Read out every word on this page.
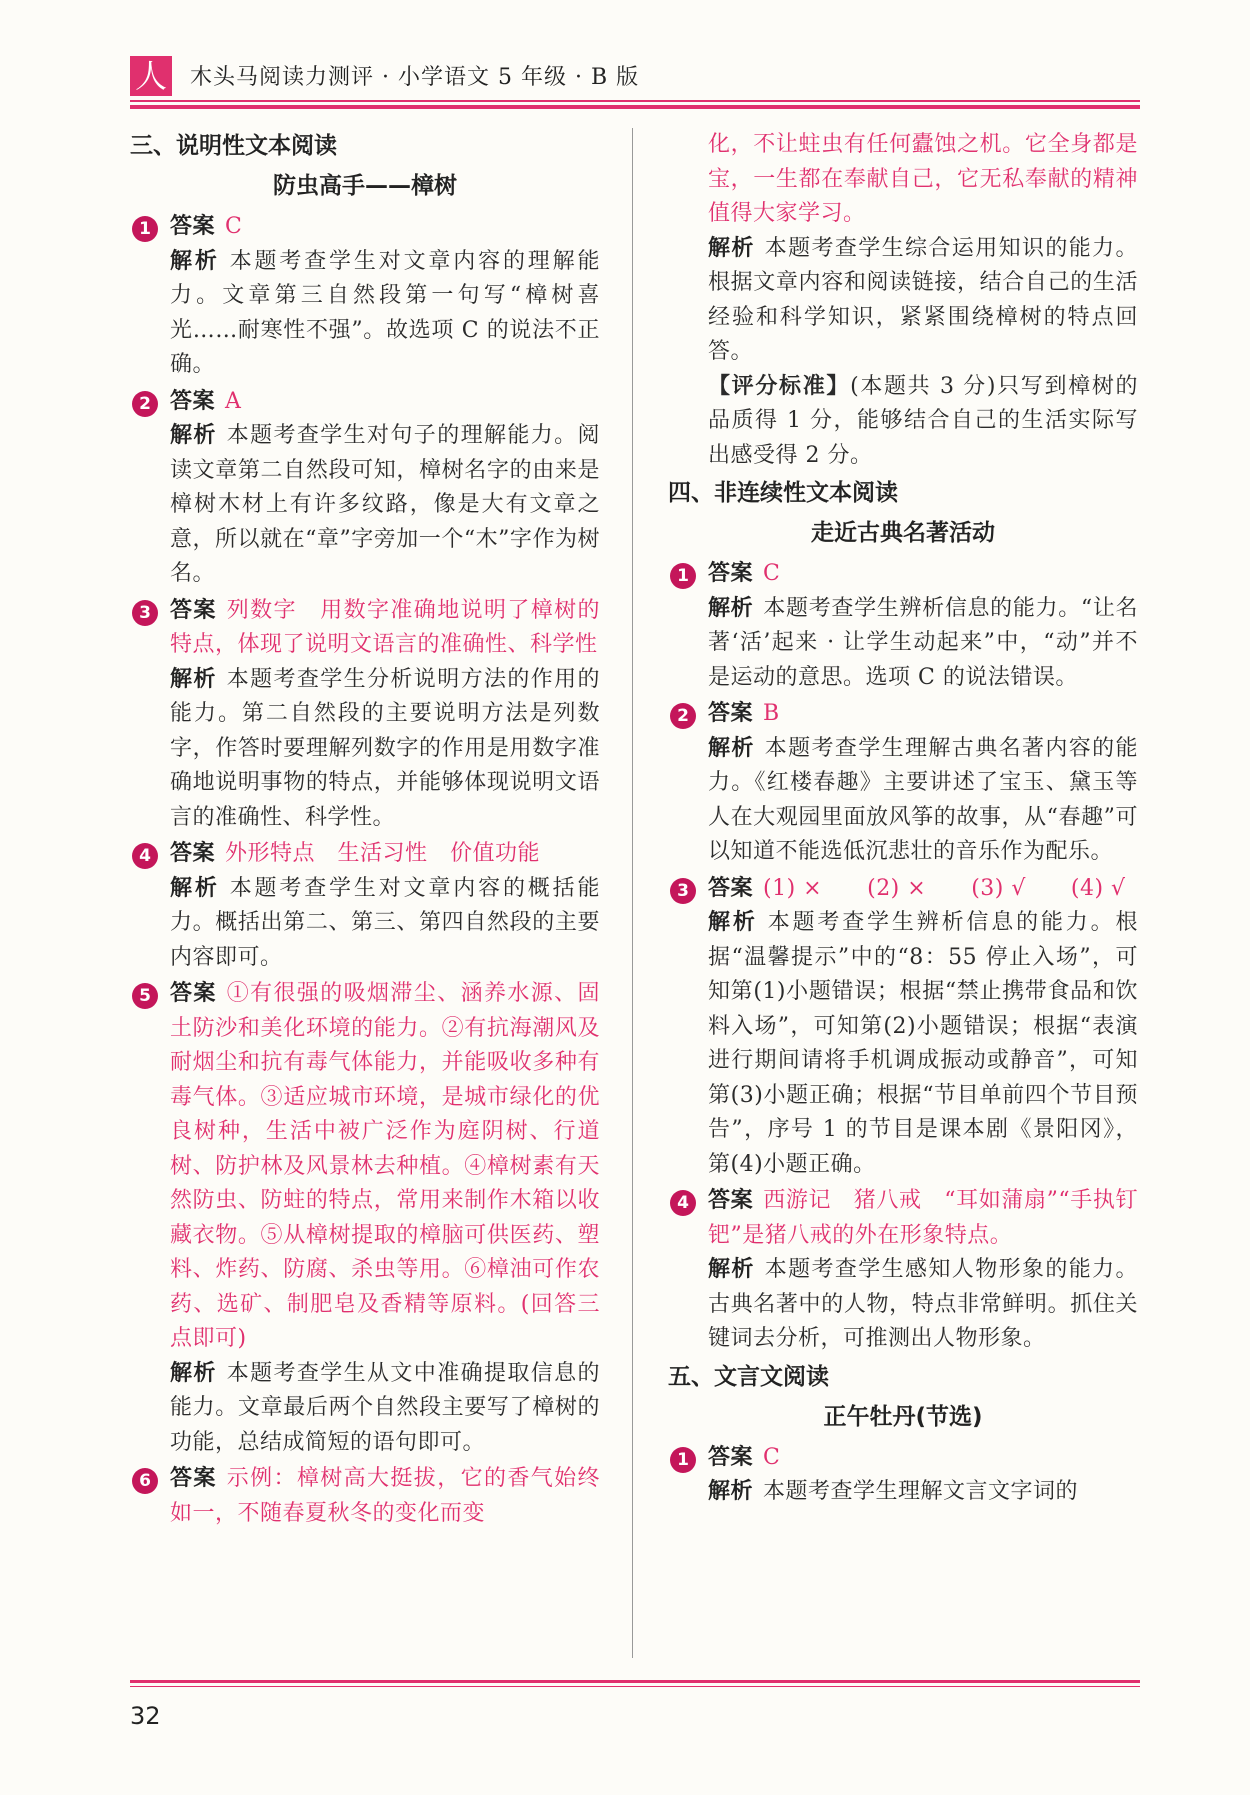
人 木头马阅读力测评 · 小学语文 5 年级 · B 版
三、说明性文本阅读
防虫高手——樟树
1 答案 C
解析 本题考查学生对文章内容的理解能力。文章第三自然段第一句写“樟树喜光……耐寒性不强”。故选项 C 的说法不正确。
2 答案 A
解析 本题考查学生对句子的理解能力。阅读文章第二自然段可知，樟树名字的由来是樟树木材上有许多纹路，像是大有文章之意，所以就在“章”字旁加一个“木”字作为树名。
3 答案 列数字　用数字准确地说明了樟树的特点，体现了说明文语言的准确性、科学性
解析 本题考查学生分析说明方法的作用的能力。第二自然段的主要说明方法是列数字，作答时要理解列数字的作用是用数字准确地说明事物的特点，并能够体现说明文语言的准确性、科学性。
4 答案 外形特点　生活习性　价值功能
解析 本题考查学生对文章内容的概括能力。概括出第二、第三、第四自然段的主要内容即可。
5 答案 ①有很强的吸烟滞尘、涵养水源、固土防沙和美化环境的能力。②有抗海潮风及耐烟尘和抗有毒气体能力，并能吸收多种有毒气体。③适应城市环境，是城市绿化的优良树种，生活中被广泛作为庭阴树、行道树、防护林及风景林去种植。④樟树素有天然防虫、防蛀的特点，常用来制作木箱以收藏衣物。⑤从樟树提取的樟脑可供医药、塑料、炸药、防腐、杀虫等用。⑥樟油可作农药、选矿、制肥皂及香精等原料。(回答三点即可)
解析 本题考查学生从文中准确提取信息的能力。文章最后两个自然段主要写了樟树的功能，总结成简短的语句即可。
6 答案 示例：樟树高大挺拔，它的香气始终如一，不随春夏秋冬的变化而变
化，不让蛀虫有任何蠹蚀之机。它全身都是宝，一生都在奉献自己，它无私奉献的精神值得大家学习。
解析 本题考查学生综合运用知识的能力。根据文章内容和阅读链接，结合自己的生活经验和科学知识，紧紧围绕樟树的特点回答。
【评分标准】(本题共 3 分)只写到樟树的品质得 1 分，能够结合自己的生活实际写出感受得 2 分。
四、非连续性文本阅读
走近古典名著活动
1 答案 C
解析 本题考查学生辨析信息的能力。“让名著‘活’起来 · 让学生动起来”中，“动”并不是运动的意思。选项 C 的说法错误。
2 答案 B
解析 本题考查学生理解古典名著内容的能力。《红楼春趣》主要讲述了宝玉、黛玉等人在大观园里面放风筝的故事，从“春趣”可以知道不能选低沉悲壮的音乐作为配乐。
3 答案 (1) ×　　(2) ×　　(3) √　　(4) √
解析 本题考查学生辨析信息的能力。根据“温馨提示”中的“8：55 停止入场”，可知第(1)小题错误；根据“禁止携带食品和饮料入场”，可知第(2)小题错误；根据“表演进行期间请将手机调成振动或静音”，可知第(3)小题正确；根据“节目单前四个节目预告”，序号 1 的节目是课本剧《景阳冈》，第(4)小题正确。
4 答案 西游记　猪八戒　“耳如蒲扇”“手执钉钯”是猪八戒的外在形象特点。
解析 本题考查学生感知人物形象的能力。古典名著中的人物，特点非常鲜明。抓住关键词去分析，可推测出人物形象。
五、文言文阅读
正午牡丹(节选)
1 答案 C
解析 本题考查学生理解文言文字词的
32
